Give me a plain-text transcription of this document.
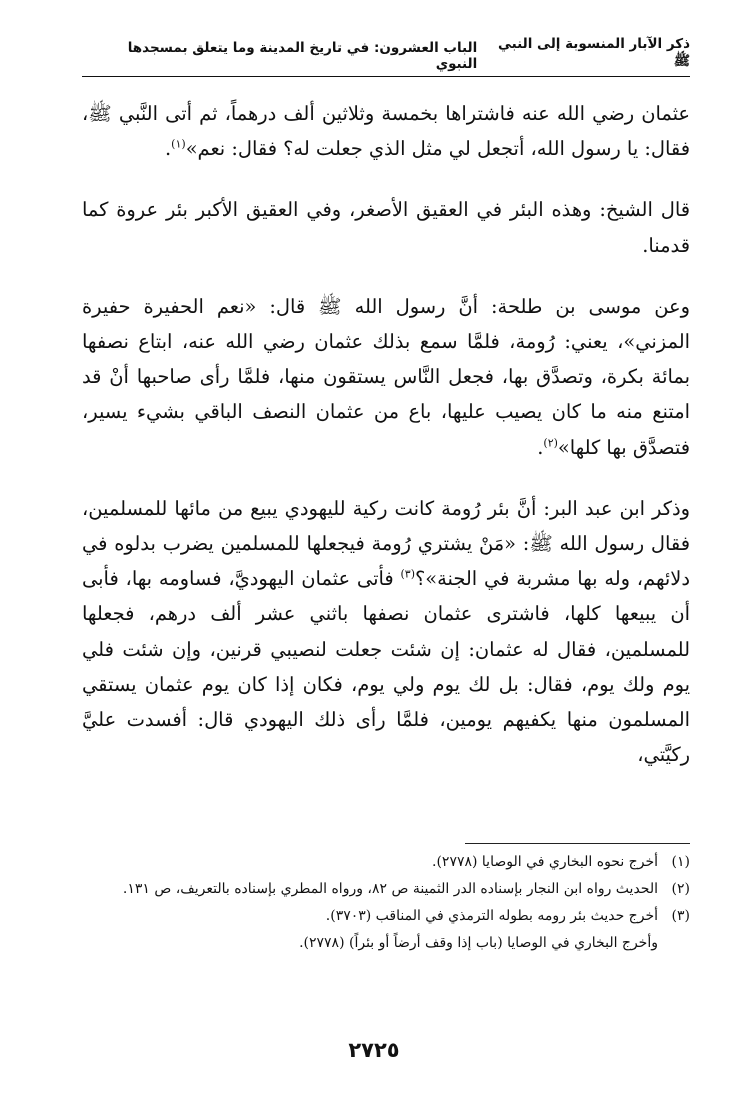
ذكر الآبار المنسوبة إلى النبي ﷺ
الباب العشرون: في تاريخ المدينة وما يتعلق بمسجدها النبوي

عثمان رضي الله عنه فاشتراها بخمسة وثلاثين ألف درهماً، ثم أتى النَّبي ﷺ، فقال: يا رسول الله، أتجعل لي مثل الذي جعلت له؟ فقال: نعم»$^{(١)}$.

قال الشيخ: وهذه البئر في العقيق الأصغر، وفي العقيق الأكبر بئر عروة كما قدمنا.

وعن موسى بن طلحة: أنَّ رسول الله ﷺ قال: «نعم الحفيرة حفيرة المزني»، يعني: رُومة، فلمَّا سمع بذلك عثمان رضي الله عنه، ابتاع نصفها بمائة بكرة، وتصدَّق بها، فجعل النَّاس يستقون منها، فلمَّا رأى صاحبها أنْ قد امتنع منه ما كان يصيب عليها، باع من عثمان النصف الباقي بشيء يسير، فتصدَّق بها كلها»$^{(٢)}$.

وذكر ابن عبد البر: أنَّ بئر رُومة كانت ركية لليهودي يبيع من مائها للمسلمين، فقال رسول الله ﷺ: «مَنْ يشتري رُومة فيجعلها للمسلمين يضرب بدلوه في دلائهم، وله بها مشربة في الجنة»؟$^{(٣)}$ فأتى عثمان اليهوديَّ، فساومه بها، فأبى أن يبيعها كلها، فاشترى عثمان نصفها باثني عشر ألف درهم، فجعلها للمسلمين، فقال له عثمان: إن شئت جعلت لنصيبي قرنين، وإن شئت فلي يوم ولك يوم، فقال: بل لك يوم ولي يوم، فكان إذا كان يوم عثمان يستقي المسلمون منها يكفيهم يومين، فلمَّا رأى ذلك اليهودي قال: أفسدت عليَّ ركيَّتي،

(١)
أخرج نحوه البخاري في الوصايا (٢٧٧٨).
(٢)
الحديث رواه ابن النجار بإسناده الدر الثمينة ص ٨٢، ورواه المطري بإسناده بالتعريف، ص ١٣١.
(٣)
أخرج حديث بئر رومه بطوله الترمذي في المناقب (٣٧٠٣).
وأخرج البخاري في الوصايا (باب إذا وقف أرضاً أو بئراً) (٢٧٧٨).
٢٧٢٥
